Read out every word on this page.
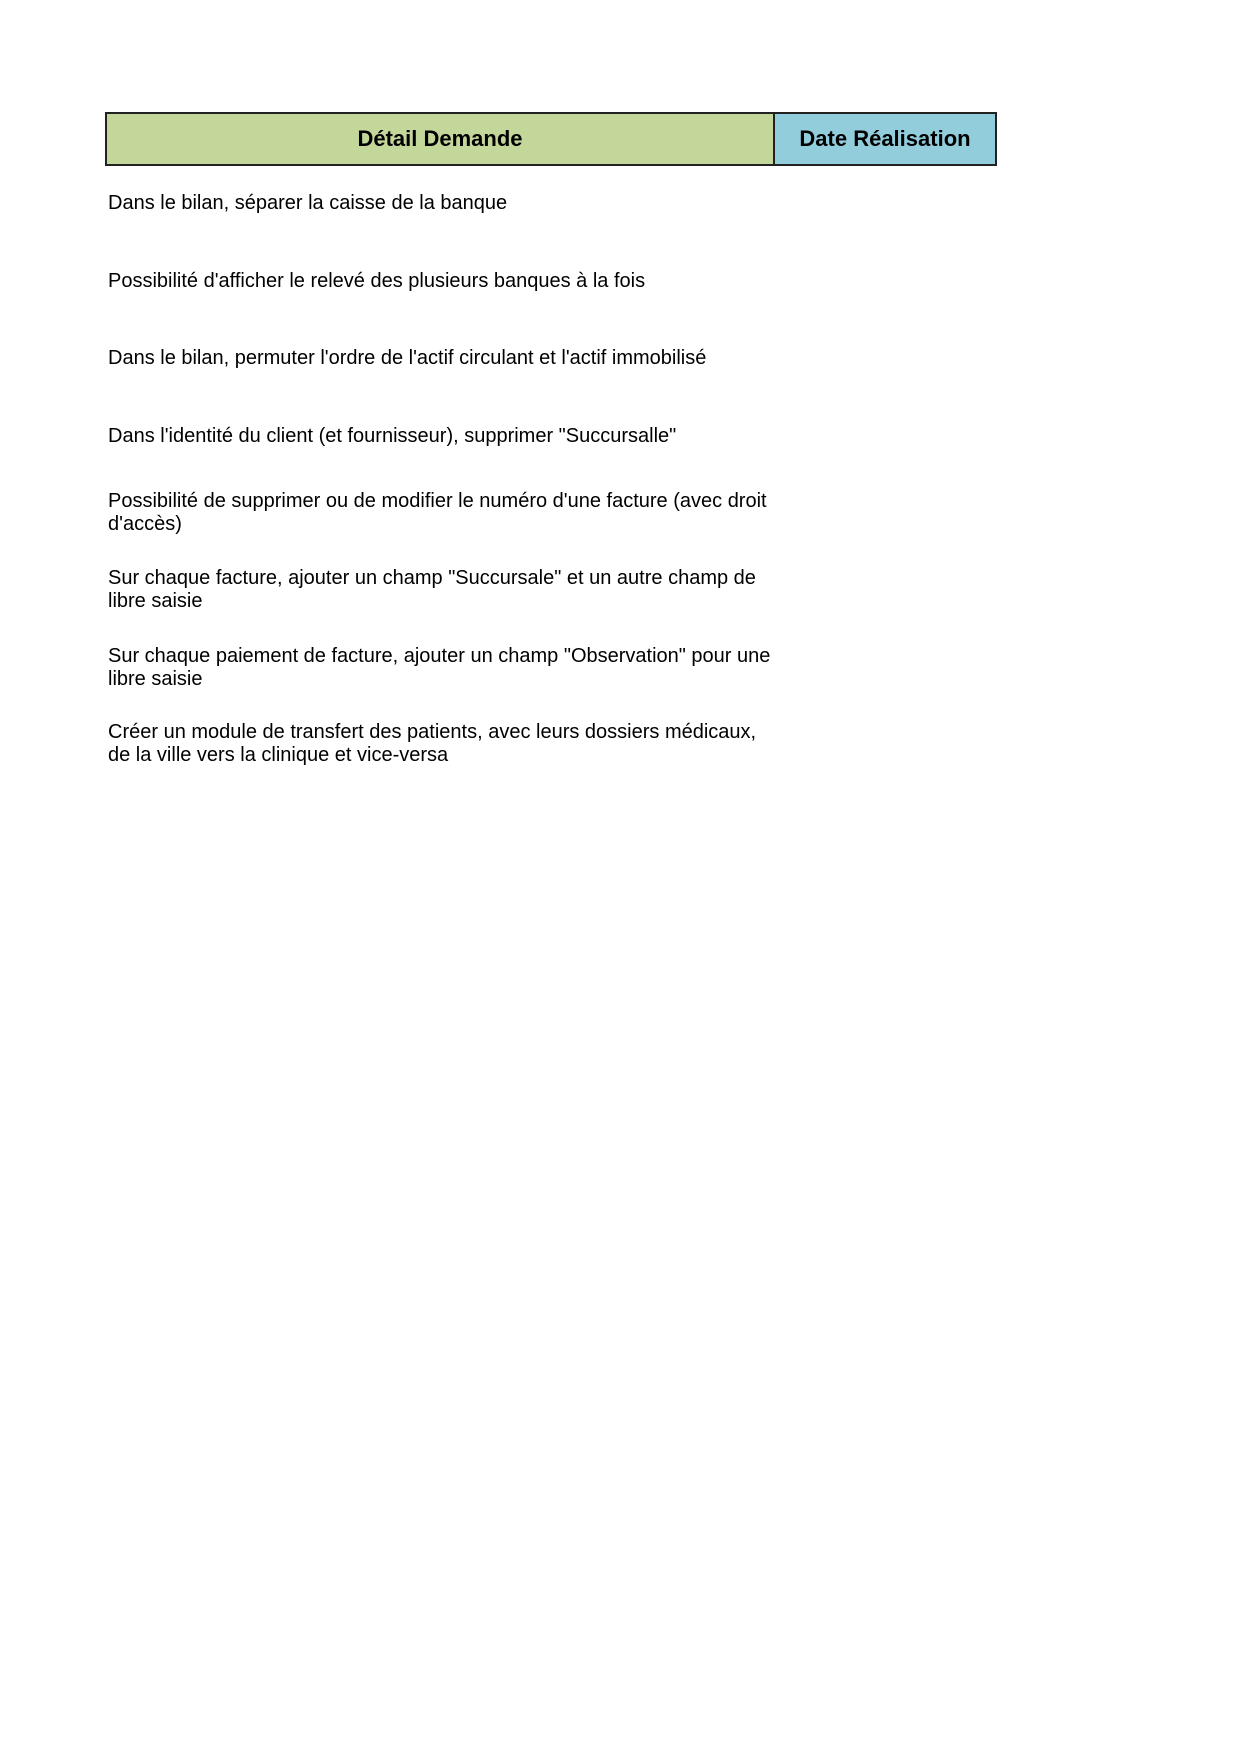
Détail Demande	Date Réalisation
Dans le bilan, séparer la caisse de la banque
Possibilité d'afficher le relevé des plusieurs banques à la fois
Dans le bilan, permuter l'ordre de l'actif circulant et l'actif immobilisé
Dans l'identité du client (et fournisseur), supprimer "Succursalle"
Possibilité de supprimer ou de modifier le numéro d'une facture (avec droit d'accès)
Sur chaque facture, ajouter un champ "Succursale" et un autre champ de libre saisie
Sur chaque paiement de facture, ajouter un champ "Observation" pour une libre saisie
Créer un module de transfert des patients, avec leurs dossiers médicaux, de la ville vers la clinique et vice-versa
